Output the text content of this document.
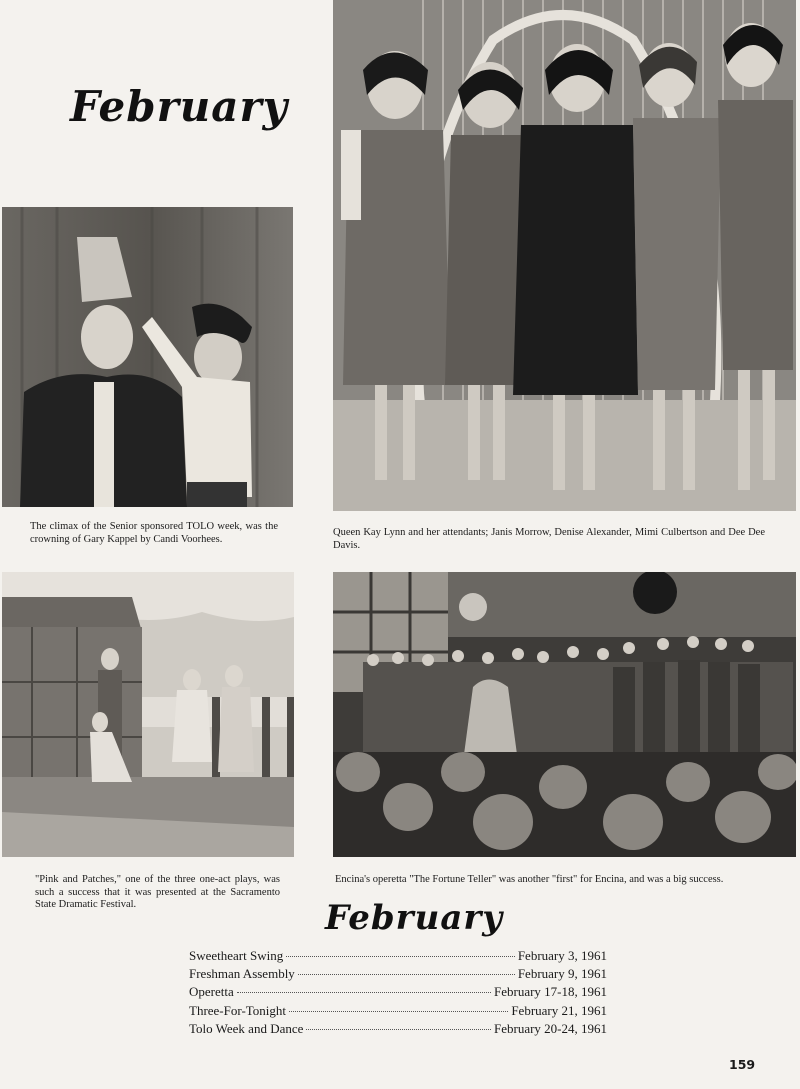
February
The climax of the Senior sponsored TOLO week, was the crowning of Gary Kappel by Candi Voorhees.
Queen Kay Lynn and her attendants; Janis Morrow, Denise Alexander, Mimi Culbertson and Dee Dee Davis.
"Pink and Patches," one of the three one-act plays, was such a success that it was presented at the Sacramento State Dramatic Festival.
Encina's operetta "The Fortune Teller" was another "first" for Encina, and was a big success.
February
Sweetheart Swing	February 3, 1961
Freshman Assembly	February 9, 1961
Operetta	February 17-18, 1961
Three-For-Tonight	February 21, 1961
Tolo Week and Dance	February 20-24, 1961
159
